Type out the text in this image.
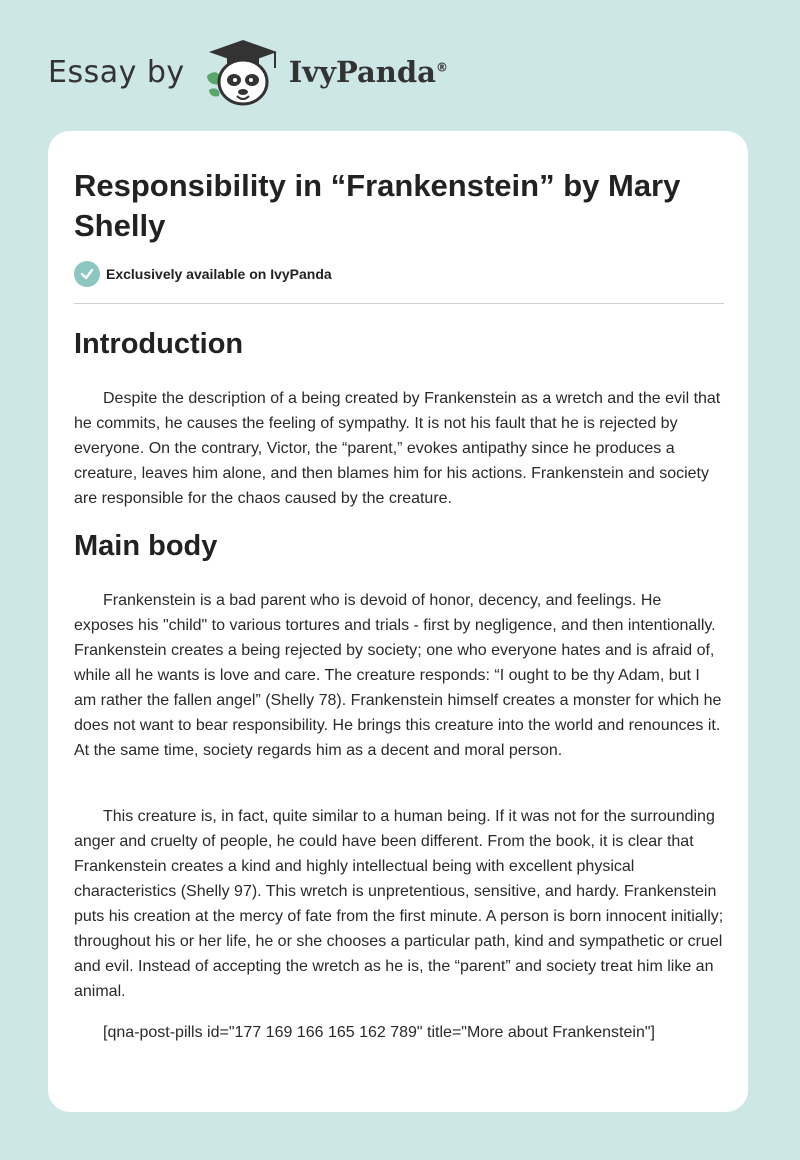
Essay by	IvyPanda®
Responsibility in “Frankenstein” by Mary Shelly
Exclusively available on IvyPanda
Introduction

Despite the description of a being created by Frankenstein as a wretch and the evil that he commits, he causes the feeling of sympathy. It is not his fault that he is rejected by everyone. On the contrary, Victor, the “parent,” evokes antipathy since he produces a creature, leaves him alone, and then blames him for his actions. Frankenstein and society are responsible for the chaos caused by the creature.

Main body

Frankenstein is a bad parent who is devoid of honor, decency, and feelings. He exposes his "child" to various tortures and trials - first by negligence, and then intentionally. Frankenstein creates a being rejected by society; one who everyone hates and is afraid of, while all he wants is love and care. The creature responds: “I ought to be thy Adam, but I am rather the fallen angel” (Shelly 78). Frankenstein himself creates a monster for which he does not want to bear responsibility. He brings this creature into the world and renounces it. At the same time, society regards him as a decent and moral person.

This creature is, in fact, quite similar to a human being. If it was not for the surrounding anger and cruelty of people, he could have been different. From the book, it is clear that Frankenstein creates a kind and highly intellectual being with excellent physical characteristics (Shelly 97). This wretch is unpretentious, sensitive, and hardy. Frankenstein puts his creation at the mercy of fate from the first minute. A person is born innocent initially; throughout his or her life, he or she chooses a particular path, kind and sympathetic or cruel and evil. Instead of accepting the wretch as he is, the “parent” and society treat him like an animal.

[qna-post-pills id="177 169 166 165 162 789" title="More about Frankenstein"]
